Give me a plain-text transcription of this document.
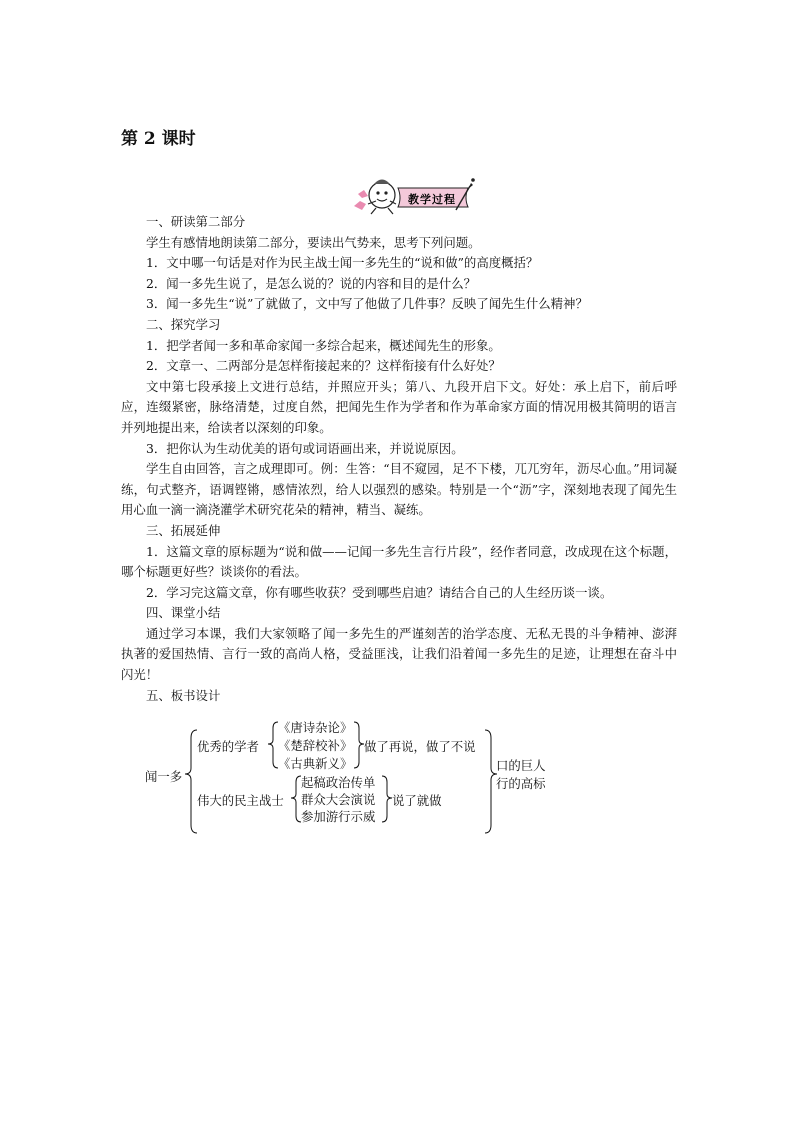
第 2 课时
教学过程

一、研读第二部分

学生有感情地朗读第二部分，要读出气势来，思考下列问题。

1．文中哪一句话是对作为民主战士闻一多先生的“说和做”的高度概括？

2．闻一多先生说了，是怎么说的？说的内容和目的是什么？

3．闻一多先生“说”了就做了，文中写了他做了几件事？反映了闻先生什么精神？

二、探究学习

1．把学者闻一多和革命家闻一多综合起来，概述闻先生的形象。

2．文章一、二两部分是怎样衔接起来的？这样衔接有什么好处？

文中第七段承接上文进行总结，并照应开头；第八、九段开启下文。好处：承上启下，前后呼应，连缀紧密，脉络清楚，过度自然，把闻先生作为学者和作为革命家方面的情况用极其简明的语言并列地提出来，给读者以深刻的印象。

3．把你认为生动优美的语句或词语画出来，并说说原因。

学生自由回答，言之成理即可。例：生答：“目不窥园，足不下楼，兀兀穷年，沥尽心血。”用词凝练，句式整齐，语调铿锵，感情浓烈，给人以强烈的感染。特别是一个“沥”字，深刻地表现了闻先生用心血一滴一滴浇灌学术研究花朵的精神，精当、凝练。

三、拓展延伸

1．这篇文章的原标题为“说和做——记闻一多先生言行片段”，经作者同意，改成现在这个标题，哪个标题更好些？谈谈你的看法。

2．学习完这篇文章，你有哪些收获？受到哪些启迪？请结合自己的人生经历谈一谈。

四、课堂小结

通过学习本课，我们大家领略了闻一多先生的严谨刻苦的治学态度、无私无畏的斗争精神、澎湃执著的爱国热情、言行一致的高尚人格，受益匪浅，让我们沿着闻一多先生的足迹，让理想在奋斗中闪光！

五、板书设计

闻一多
优秀的学者
《唐诗杂论》
《楚辞校补》
《古典新义》
做了再说，做了不说
伟大的民主战士
起稿政治传单
群众大会演说
参加游行示威
说了就做
口的巨人
行的高标
